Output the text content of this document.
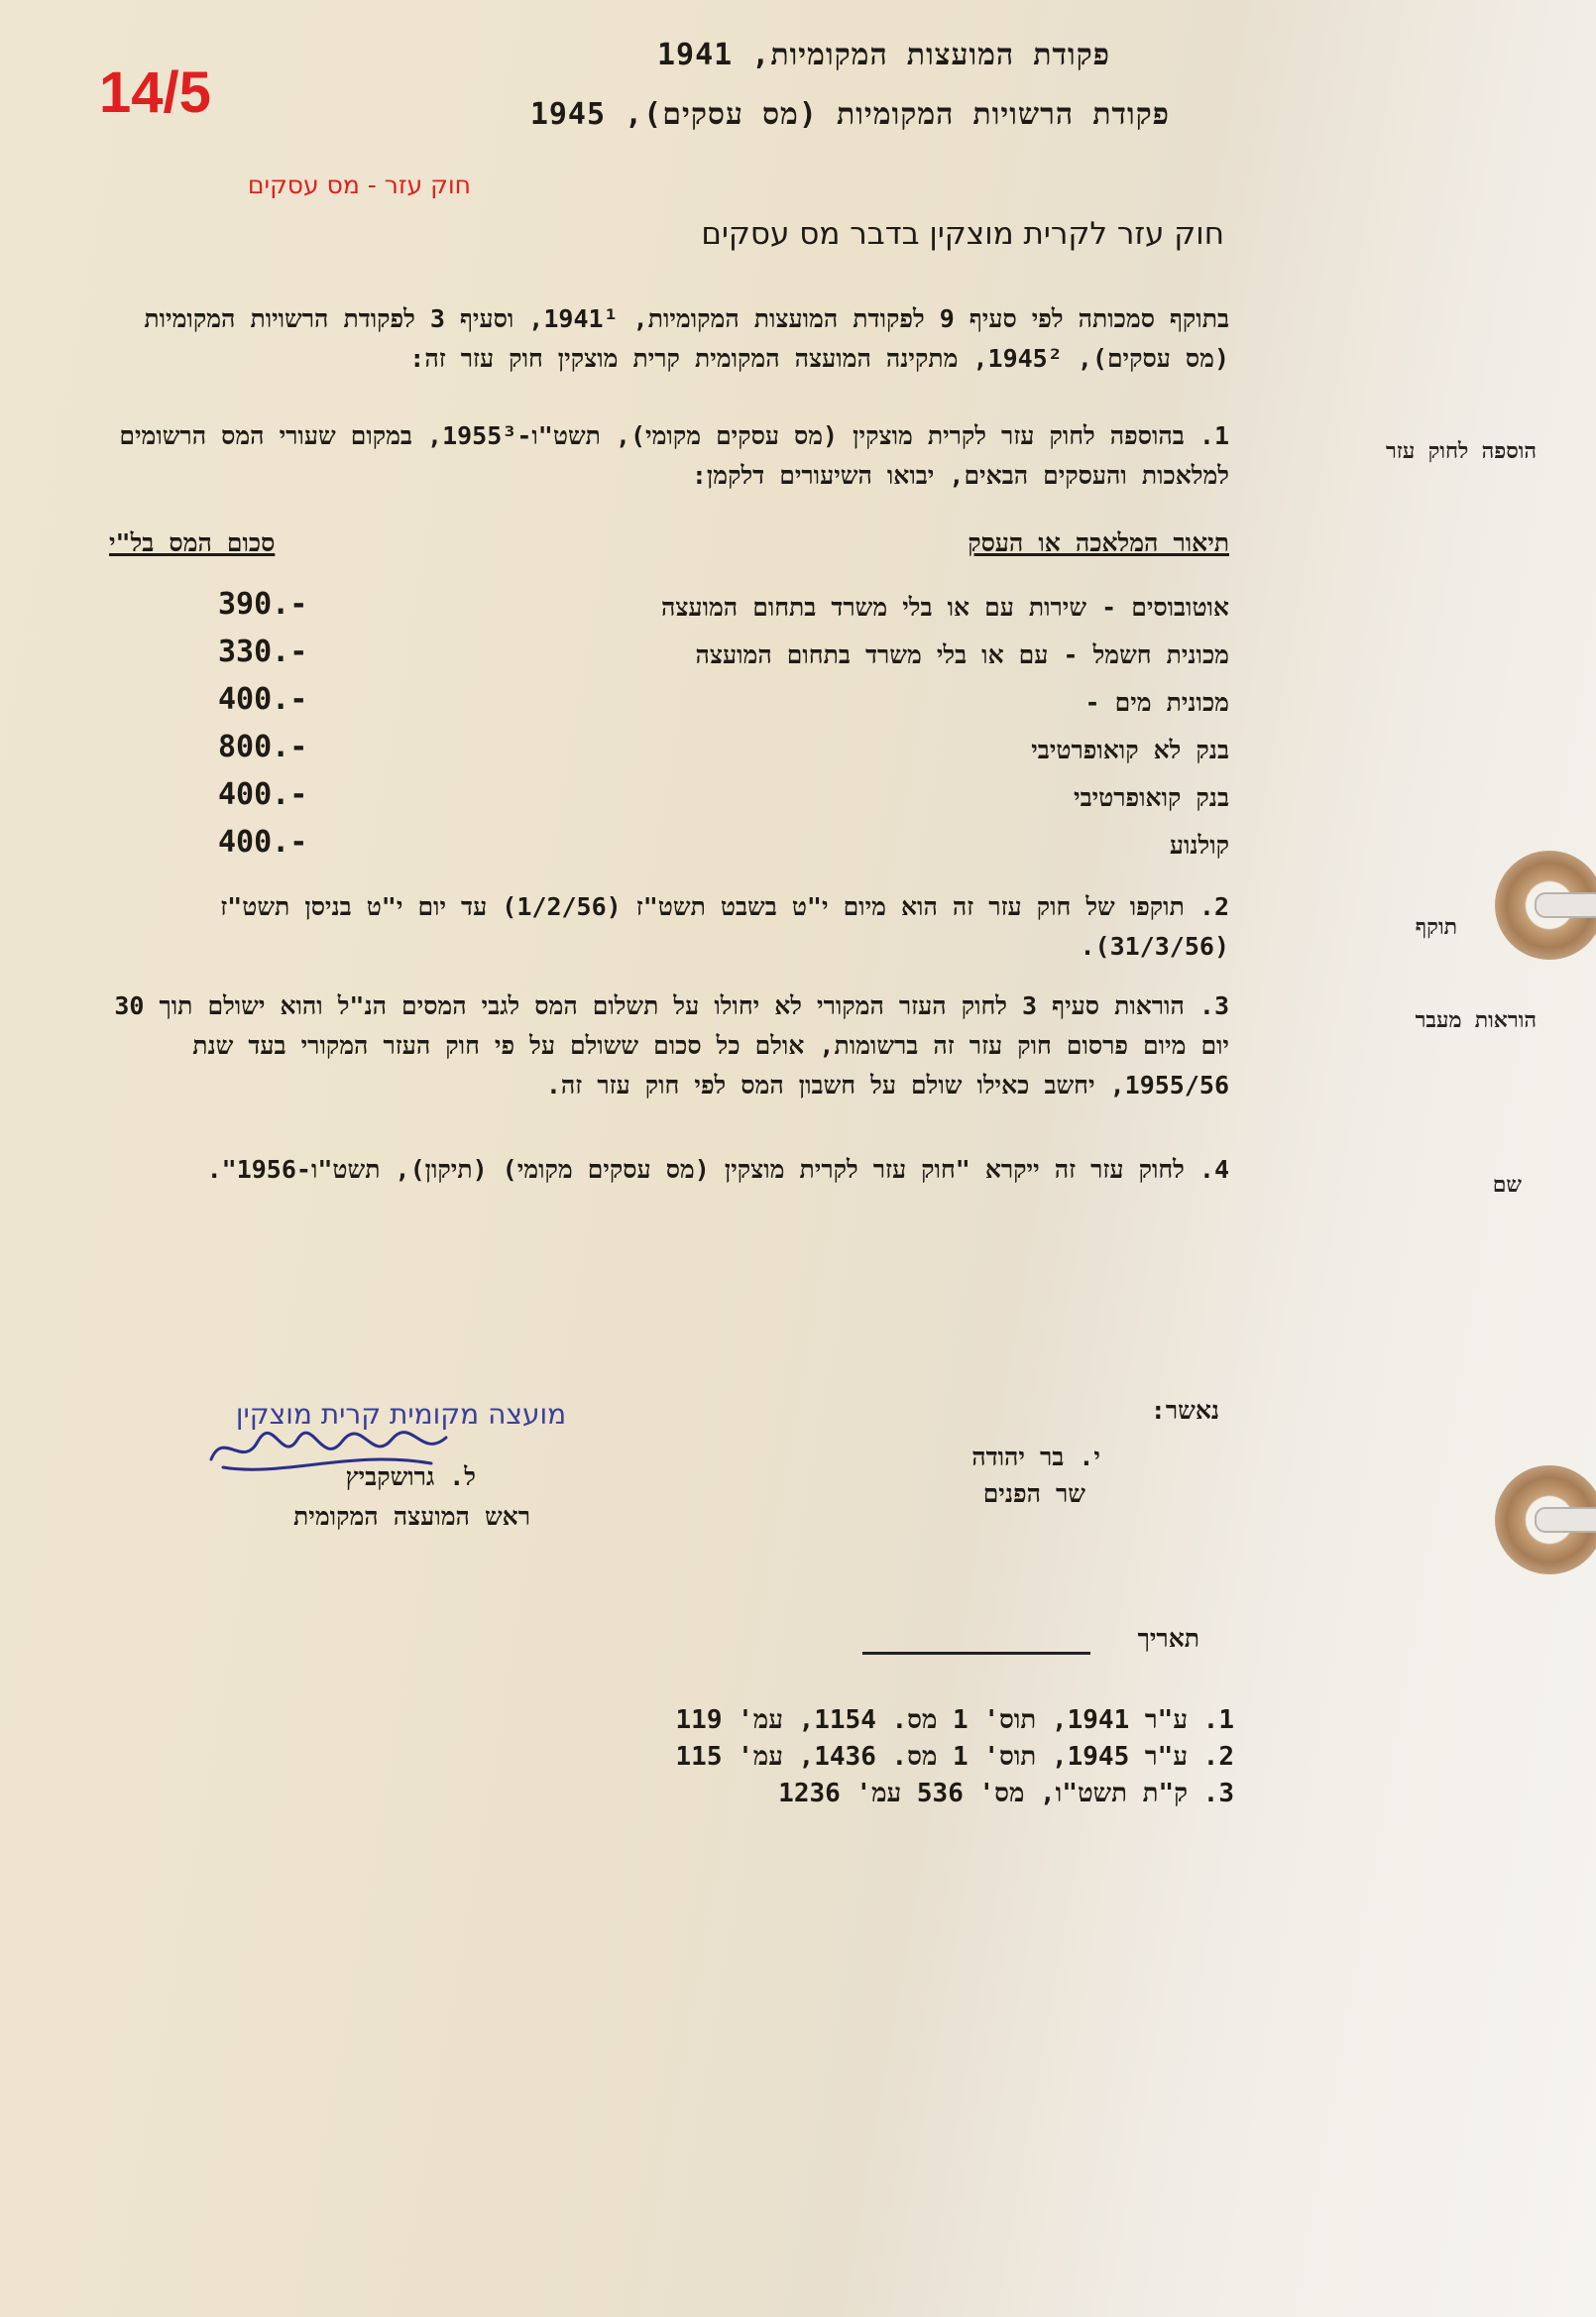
14/5
חוק עזר - מס עסקים
פקודת המועצות המקומיות, 1941
פקודת הרשויות המקומיות (מס עסקים), 1945
חוק עזר לקרית מוצקין בדבר מס עסקים
בתוקף סמכותה לפי סעיף 9 לפקודת המועצות המקומיות, 1941¹, וסעיף 3 לפקודת הרשויות המקומיות (מס עסקים), 1945², מתקינה המועצה המקומית קרית מוצקין חוק עזר זה:
1. בהוספה לחוק עזר לקרית מוצקין (מס עסקים מקומי), תשט"ו-1955³, במקום שעורי המס הרשומים למלאכות והעסקים הבאים, יבואו השיעורים דלקמן:
תיאור המלאכה או העסק
סכום המס בל"י
אוטובוסים - שירות עם או בלי משרד בתחום המועצה
390.-
מכונית חשמל - עם או בלי משרד בתחום המועצה
330.-
מכונית מים -
400.-
בנק לא קואופרטיבי
800.-
בנק קואופרטיבי
400.-
קולנוע
400.-
2. תוקפו של חוק עזר זה הוא מיום י"ט בשבט תשט"ז (1/2/56) עד יום י"ט בניסן תשט"ז (31/3/56).
3. הוראות סעיף 3 לחוק העזר המקורי לא יחולו על תשלום המס לגבי המסים הנ"ל והוא ישולם תוך 30 יום מיום פרסום חוק עזר זה ברשומות, אולם כל סכום ששולם על פי חוק העזר המקורי בעד שנת 1955/56, יחשב כאילו שולם על חשבון המס לפי חוק עזר זה.
4. לחוק עזר זה ייקרא "חוק עזר לקרית מוצקין (מס עסקים מקומי) (תיקון), תשט"ו-1956".
מועצה מקומית קרית מוצקין
ל. גרושקביץ
ראש המועצה המקומית
נאשר:
י. בר יהודה
שר הפנים
תאריך
1. ע"ר 1941, תוס' 1 מס. 1154, עמ' 119
2. ע"ר 1945, תוס' 1 מס. 1436, עמ' 115
3. ק"ת תשט"ו, מס' 536 עמ' 1236
הוספה לחוק עזר
תוקף
הוראות מעבר
שם
